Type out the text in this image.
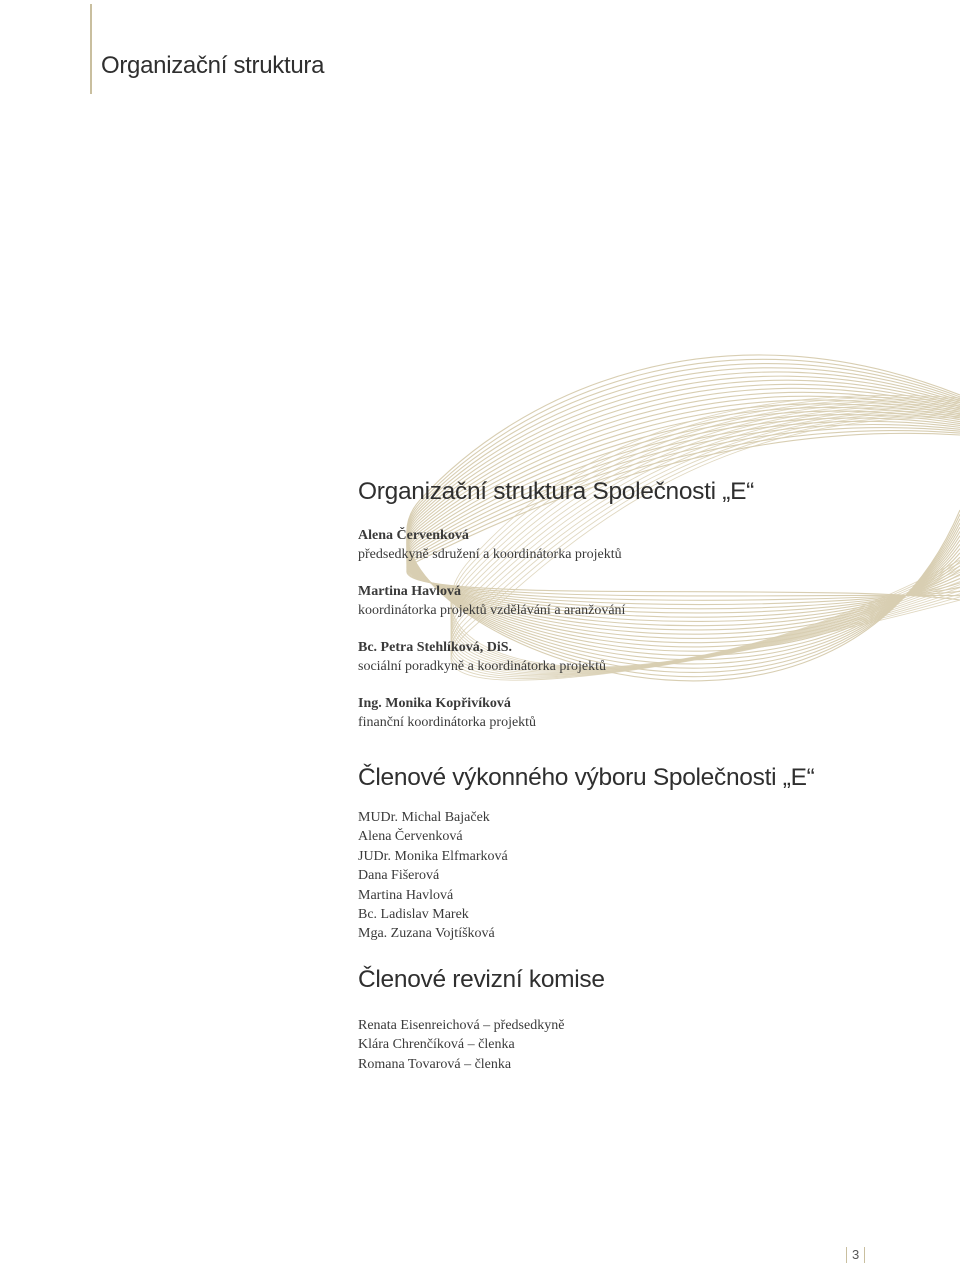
Organizační struktura
Organizační struktura Společnosti „E“
Alena Červenková
předsedkyně sdružení a koordinátorka projektů
Martina Havlová
koordinátorka projektů vzdělávání a aranžování
Bc. Petra Stehlíková, DiS.
sociální poradkyně a koordinátorka projektů
Ing. Monika Kopřivíková
finanční koordinátorka projektů
Členové výkonného výboru Společnosti „E“
MUDr. Michal Bajaček
Alena Červenková
JUDr. Monika Elfmarková
Dana Fišerová
Martina Havlová
Bc. Ladislav Marek
Mga. Zuzana Vojtíšková
Členové revizní komise
Renata Eisenreichová – předsedkyně
Klára Chrenčíková – členka
Romana Tovarová – členka
3
